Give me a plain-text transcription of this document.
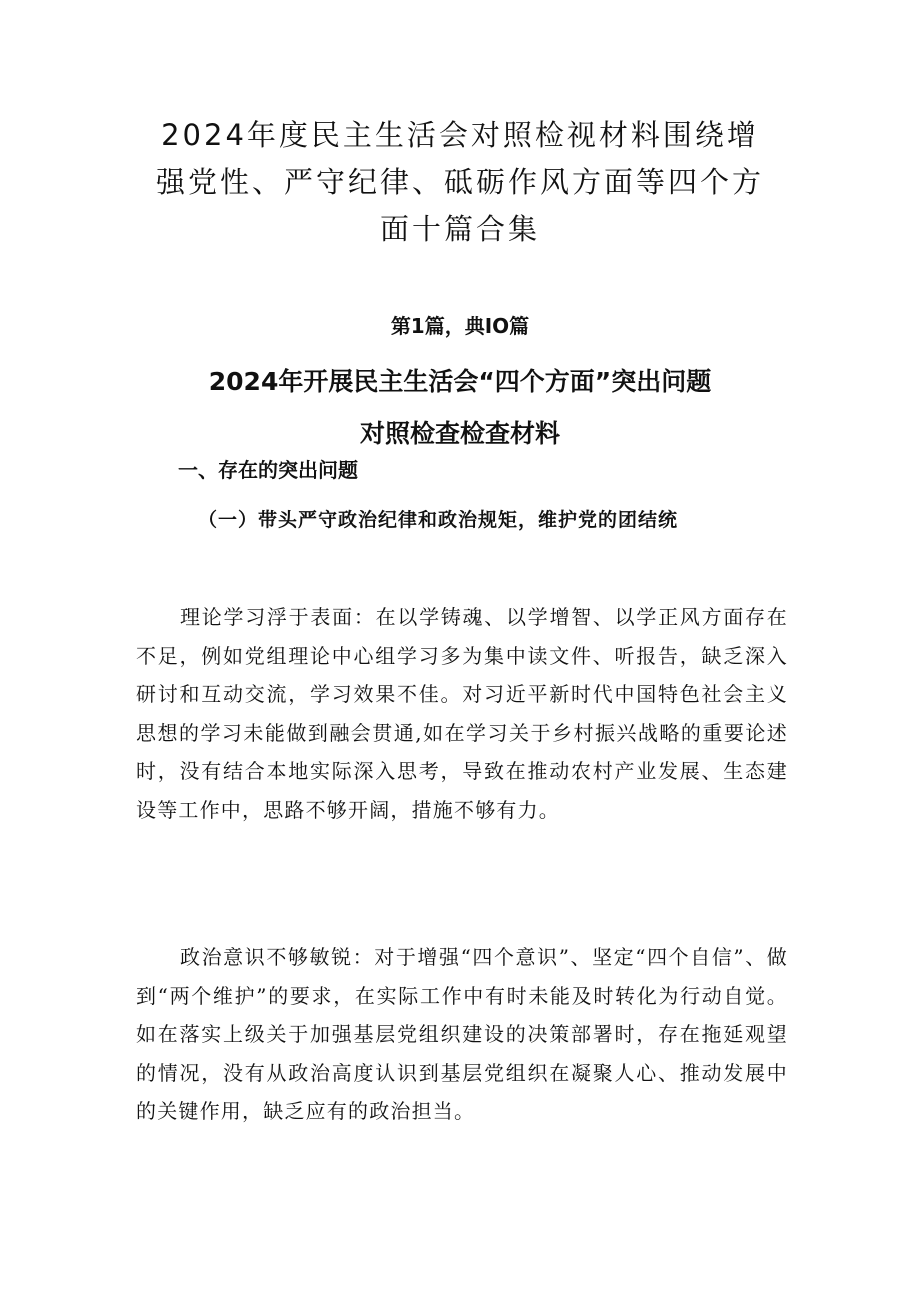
2024年度民主生活会对照检视材料围绕增
强党性、严守纪律、砥砺作风方面等四个方
面十篇合集
第1篇，典IO篇
2024年开展民主生活会“四个方面”突出问题
对照检查检查材料
一、存在的突出问题
（一）带头严守政治纪律和政治规矩，维护党的团结统

理论学习浮于表面：在以学铸魂、以学增智、以学正风方面存在不足，例如党组理论中心组学习多为集中读文件、听报告，缺乏深入研讨和互动交流，学习效果不佳。对习近平新时代中国特色社会主义思想的学习未能做到融会贯通,如在学习关于乡村振兴战略的重要论述时，没有结合本地实际深入思考，导致在推动农村产业发展、生态建设等工作中，思路不够开阔，措施不够有力。

政治意识不够敏锐：对于增强“四个意识”、坚定“四个自信”、做到“两个维护”的要求，在实际工作中有时未能及时转化为行动自觉。如在落实上级关于加强基层党组织建设的决策部署时，存在拖延观望的情况，没有从政治高度认识到基层党组织在凝聚人心、推动发展中的关键作用，缺乏应有的政治担当。
